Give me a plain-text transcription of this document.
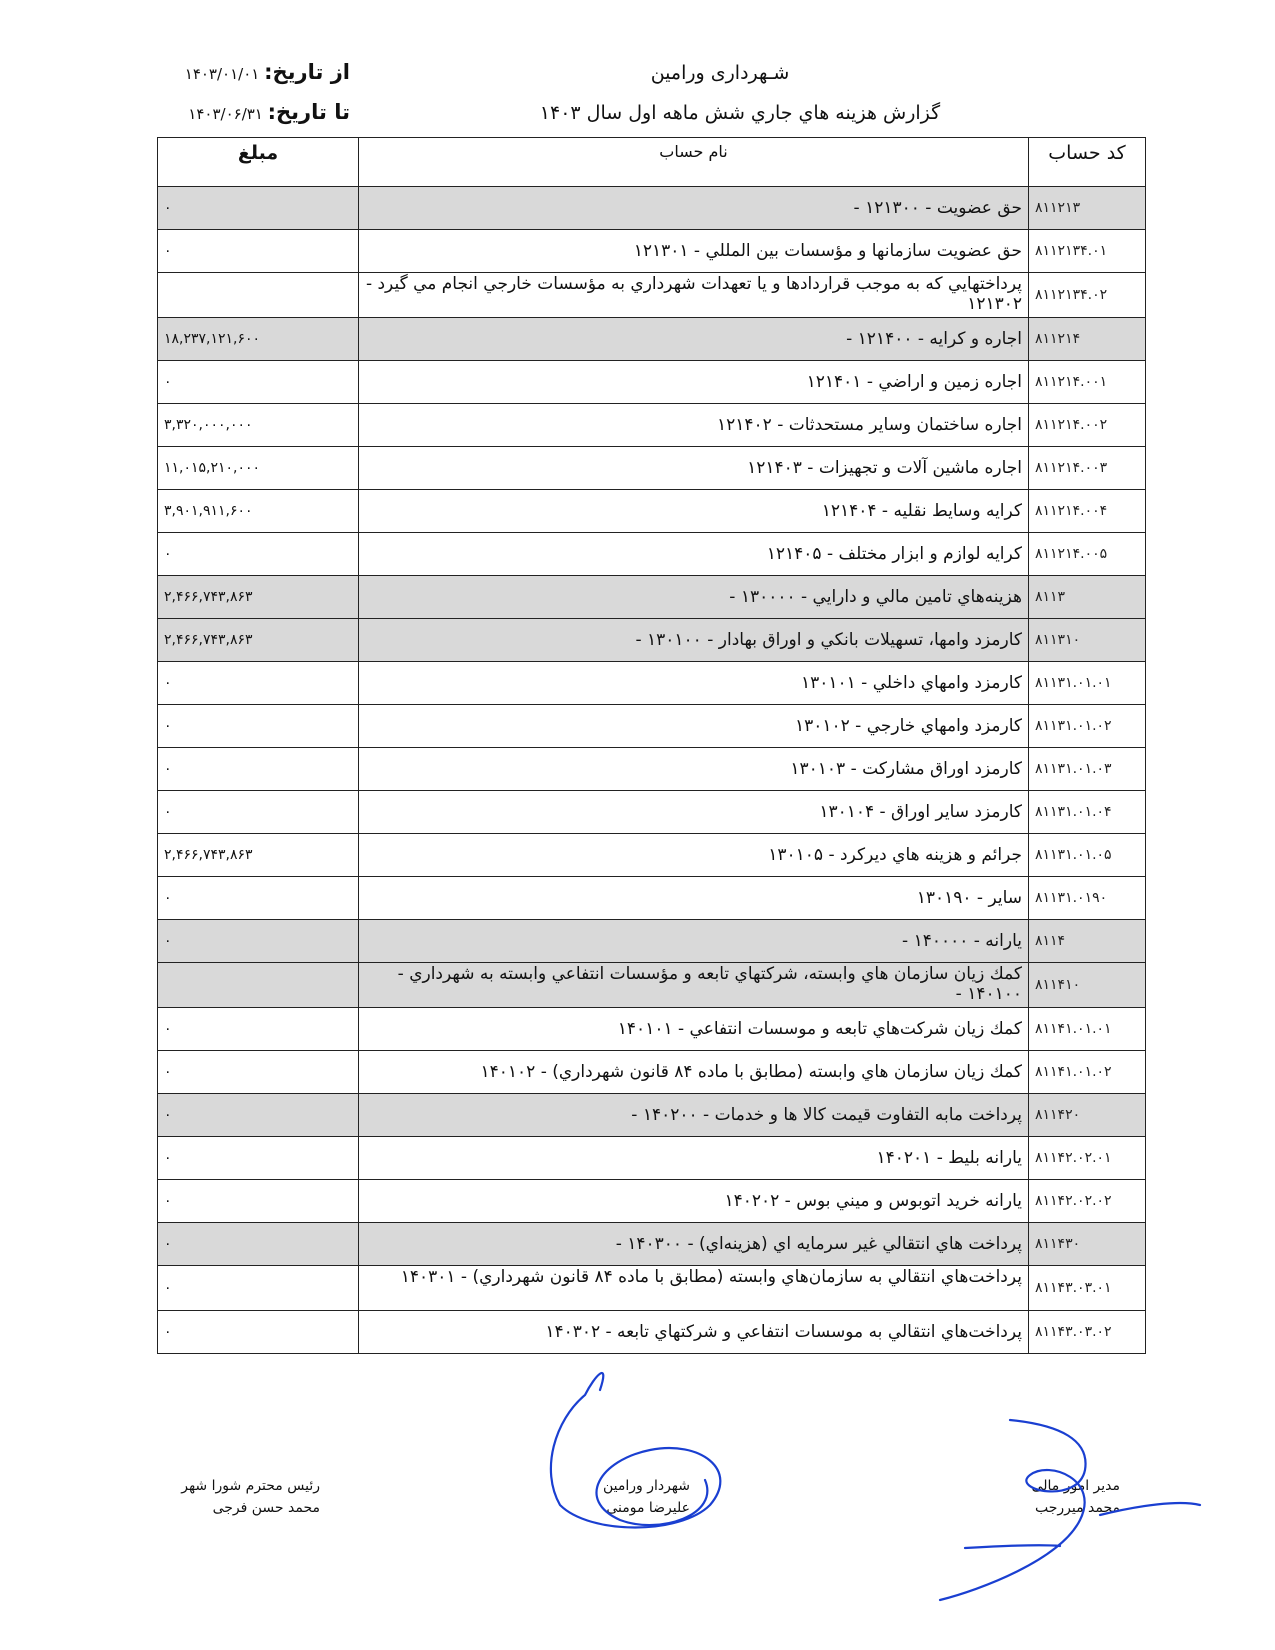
شـهرداری ورامین
گزارش هزینه هاي جاري شش ماهه اول سال ۱۴۰۳
از تاريخ: ۱۴۰۳/۰۱/۰۱
تا تاريخ: ۱۴۰۳/۰۶/۳۱
کد حساب	نام حساب	مبلغ
۸۱۱۲۱۳	حق عضويت - ۱۲۱۳۰۰ -	۰
۸۱۱۲۱۳۴.۰۱	حق عضويت سازمانها و مؤسسات بين المللي - ۱۲۱۳۰۱	۰
۸۱۱۲۱۳۴.۰۲	پرداختهايي كه به موجب قراردادها و يا تعهدات شهرداري به مؤسسات خارجي انجام مي گيرد - ۱۲۱۳۰۲	
۸۱۱۲۱۴	اجاره و كرايه - ۱۲۱۴۰۰ -	۱۸,۲۳۷,۱۲۱,۶۰۰
۸۱۱۲۱۴.۰۰۱	اجاره زمين و اراضي - ۱۲۱۴۰۱	۰
۸۱۱۲۱۴.۰۰۲	اجاره ساختمان وساير مستحدثات - ۱۲۱۴۰۲	۳,۳۲۰,۰۰۰,۰۰۰
۸۱۱۲۱۴.۰۰۳	اجاره ماشين آلات و تجهيزات - ۱۲۱۴۰۳	۱۱,۰۱۵,۲۱۰,۰۰۰
۸۱۱۲۱۴.۰۰۴	كرايه وسايط نقليه - ۱۲۱۴۰۴	۳,۹۰۱,۹۱۱,۶۰۰
۸۱۱۲۱۴.۰۰۵	كرايه لوازم و ابزار مختلف - ۱۲۱۴۰۵	۰
۸۱۱۳	هزينه‌هاي تامين مالي و دارايي - ۱۳۰۰۰۰ -	۲,۴۶۶,۷۴۳,۸۶۳
۸۱۱۳۱۰	كارمزد وامها، تسهيلات بانكي و اوراق بهادار - ۱۳۰۱۰۰ -	۲,۴۶۶,۷۴۳,۸۶۳
۸۱۱۳۱.۰۱.۰۱	كارمزد وامهاي داخلي - ۱۳۰۱۰۱	۰
۸۱۱۳۱.۰۱.۰۲	كارمزد وامهاي خارجي - ۱۳۰۱۰۲	۰
۸۱۱۳۱.۰۱.۰۳	كارمزد اوراق مشاركت - ۱۳۰۱۰۳	۰
۸۱۱۳۱.۰۱.۰۴	كارمزد ساير اوراق - ۱۳۰۱۰۴	۰
۸۱۱۳۱.۰۱.۰۵	جرائم و هزينه هاي ديركرد - ۱۳۰۱۰۵	۲,۴۶۶,۷۴۳,۸۶۳
۸۱۱۳۱.۰۱۹۰	ساير - ۱۳۰۱۹۰	۰
۸۱۱۴	يارانه - ۱۴۰۰۰۰ -	۰
۸۱۱۴۱۰	كمك زيان سازمان هاي وابسته، شركتهاي تابعه و مؤسسات انتفاعي وابسته به شهرداري - ۱۴۰۱۰۰ -	
۸۱۱۴۱.۰۱.۰۱	كمك زيان شركت‌هاي تابعه و موسسات انتفاعي - ۱۴۰۱۰۱	۰
۸۱۱۴۱.۰۱.۰۲	كمك زيان سازمان هاي وابسته (مطابق با ماده ۸۴ قانون شهرداري) - ۱۴۰۱۰۲	۰
۸۱۱۴۲۰	پرداخت مابه التفاوت قيمت كالا ها و خدمات - ۱۴۰۲۰۰ -	۰
۸۱۱۴۲.۰۲.۰۱	يارانه بليط - ۱۴۰۲۰۱	۰
۸۱۱۴۲.۰۲.۰۲	يارانه خريد اتوبوس و ميني بوس - ۱۴۰۲۰۲	۰
۸۱۱۴۳۰	پرداخت هاي انتقالي غير سرمايه اي (هزينه‌اي) - ۱۴۰۳۰۰ -	۰
۸۱۱۴۳.۰۳.۰۱	پرداخت‌هاي انتقالي به سازمان‌هاي وابسته (مطابق با ماده ۸۴ قانون شهرداري) - ۱۴۰۳۰۱	۰
۸۱۱۴۳.۰۳.۰۲	پرداخت‌هاي انتقالي به موسسات انتفاعي و شركتهاي تابعه - ۱۴۰۳۰۲	۰
رئیس محترم شورا شهر
محمد حسن فرجی
شهردار ورامین
علیرضا مومنی
مدیر امور مالی
محمد میررجب
